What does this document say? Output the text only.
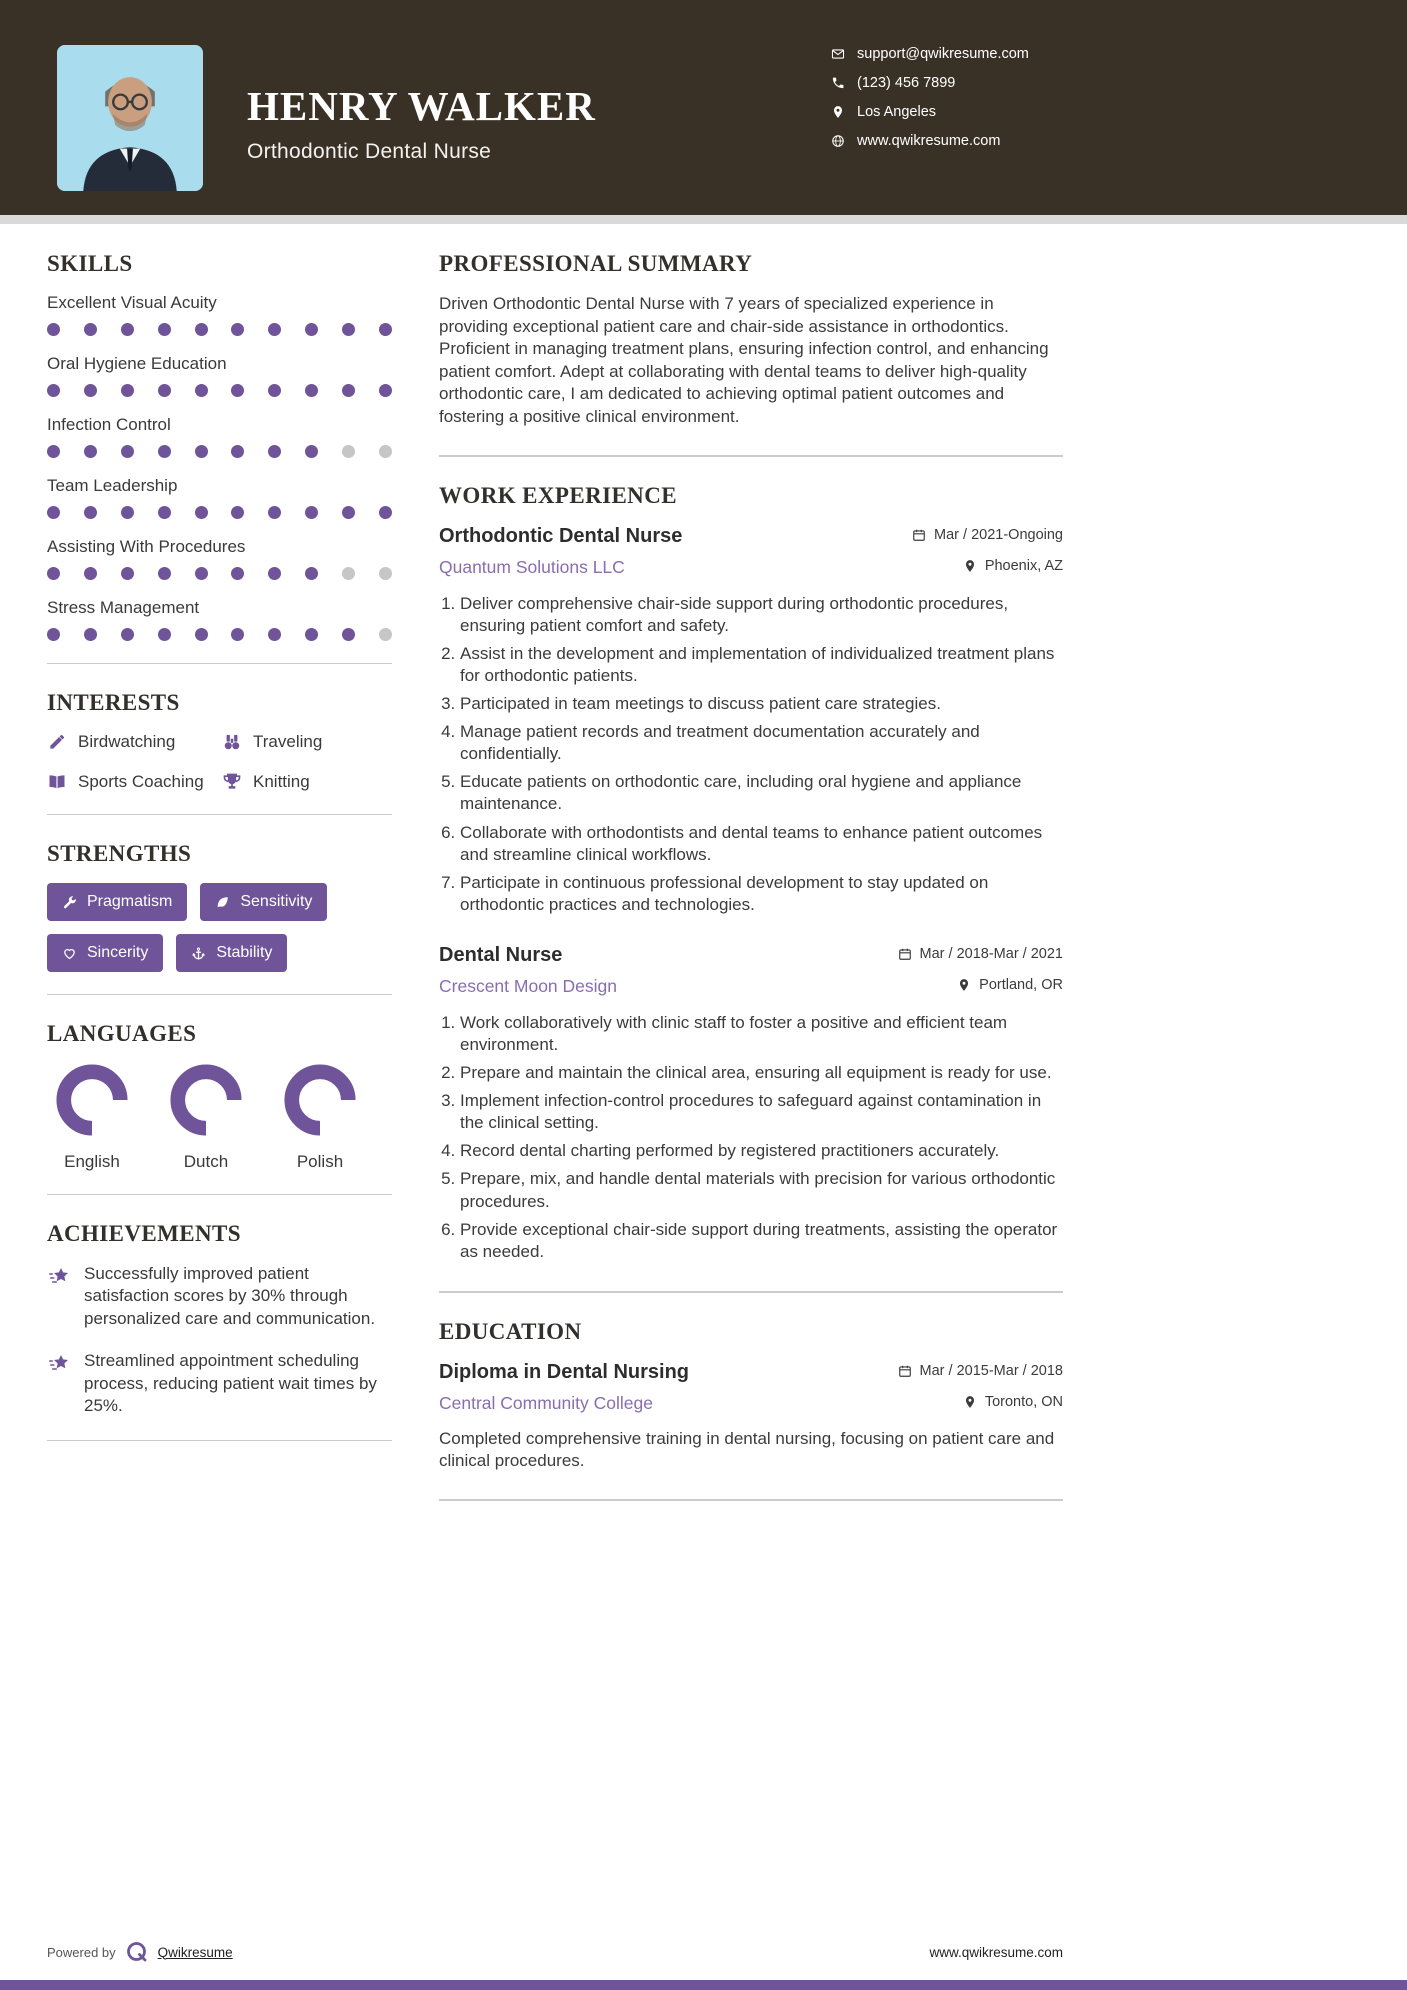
HENRY WALKER
Orthodontic Dental Nurse
support@qwikresume.com
(123) 456 7899
Los Angeles
www.qwikresume.com
SKILLS
Excellent Visual Acuity
Oral Hygiene Education
Infection Control
Team Leadership
Assisting With Procedures
Stress Management
INTERESTS
Birdwatching	Traveling
Sports Coaching	Knitting
STRENGTHS
Pragmatism	Sensitivity
Sincerity	Stability
LANGUAGES
English	Dutch	Polish
ACHIEVEMENTS
Successfully improved patient satisfaction scores by 30% through personalized care and communication.
Streamlined appointment scheduling process, reducing patient wait times by 25%.
PROFESSIONAL SUMMARY

Driven Orthodontic Dental Nurse with 7 years of specialized experience in providing exceptional patient care and chair-side assistance in orthodontics. Proficient in managing treatment plans, ensuring infection control, and enhancing patient comfort. Adept at collaborating with dental teams to deliver high-quality orthodontic care, I am dedicated to achieving optimal patient outcomes and fostering a positive clinical environment.

WORK EXPERIENCE
Orthodontic Dental Nurse	Mar / 2021-Ongoing
Quantum Solutions LLC	Phoenix, AZ
1. Deliver comprehensive chair-side support during orthodontic procedures, ensuring patient comfort and safety.
2. Assist in the development and implementation of individualized treatment plans for orthodontic patients.
3. Participated in team meetings to discuss patient care strategies.
4. Manage patient records and treatment documentation accurately and confidentially.
5. Educate patients on orthodontic care, including oral hygiene and appliance maintenance.
6. Collaborate with orthodontists and dental teams to enhance patient outcomes and streamline clinical workflows.
7. Participate in continuous professional development to stay updated on orthodontic practices and technologies.
Dental Nurse	Mar / 2018-Mar / 2021
Crescent Moon Design	Portland, OR
1. Work collaboratively with clinic staff to foster a positive and efficient team environment.
2. Prepare and maintain the clinical area, ensuring all equipment is ready for use.
3. Implement infection-control procedures to safeguard against contamination in the clinical setting.
4. Record dental charting performed by registered practitioners accurately.
5. Prepare, mix, and handle dental materials with precision for various orthodontic procedures.
6. Provide exceptional chair-side support during treatments, assisting the operator as needed.
EDUCATION
Diploma in Dental Nursing	Mar / 2015-Mar / 2018
Central Community College	Toronto, ON

Completed comprehensive training in dental nursing, focusing on patient care and clinical procedures.

Powered by	Qwikresume	www.qwikresume.com
